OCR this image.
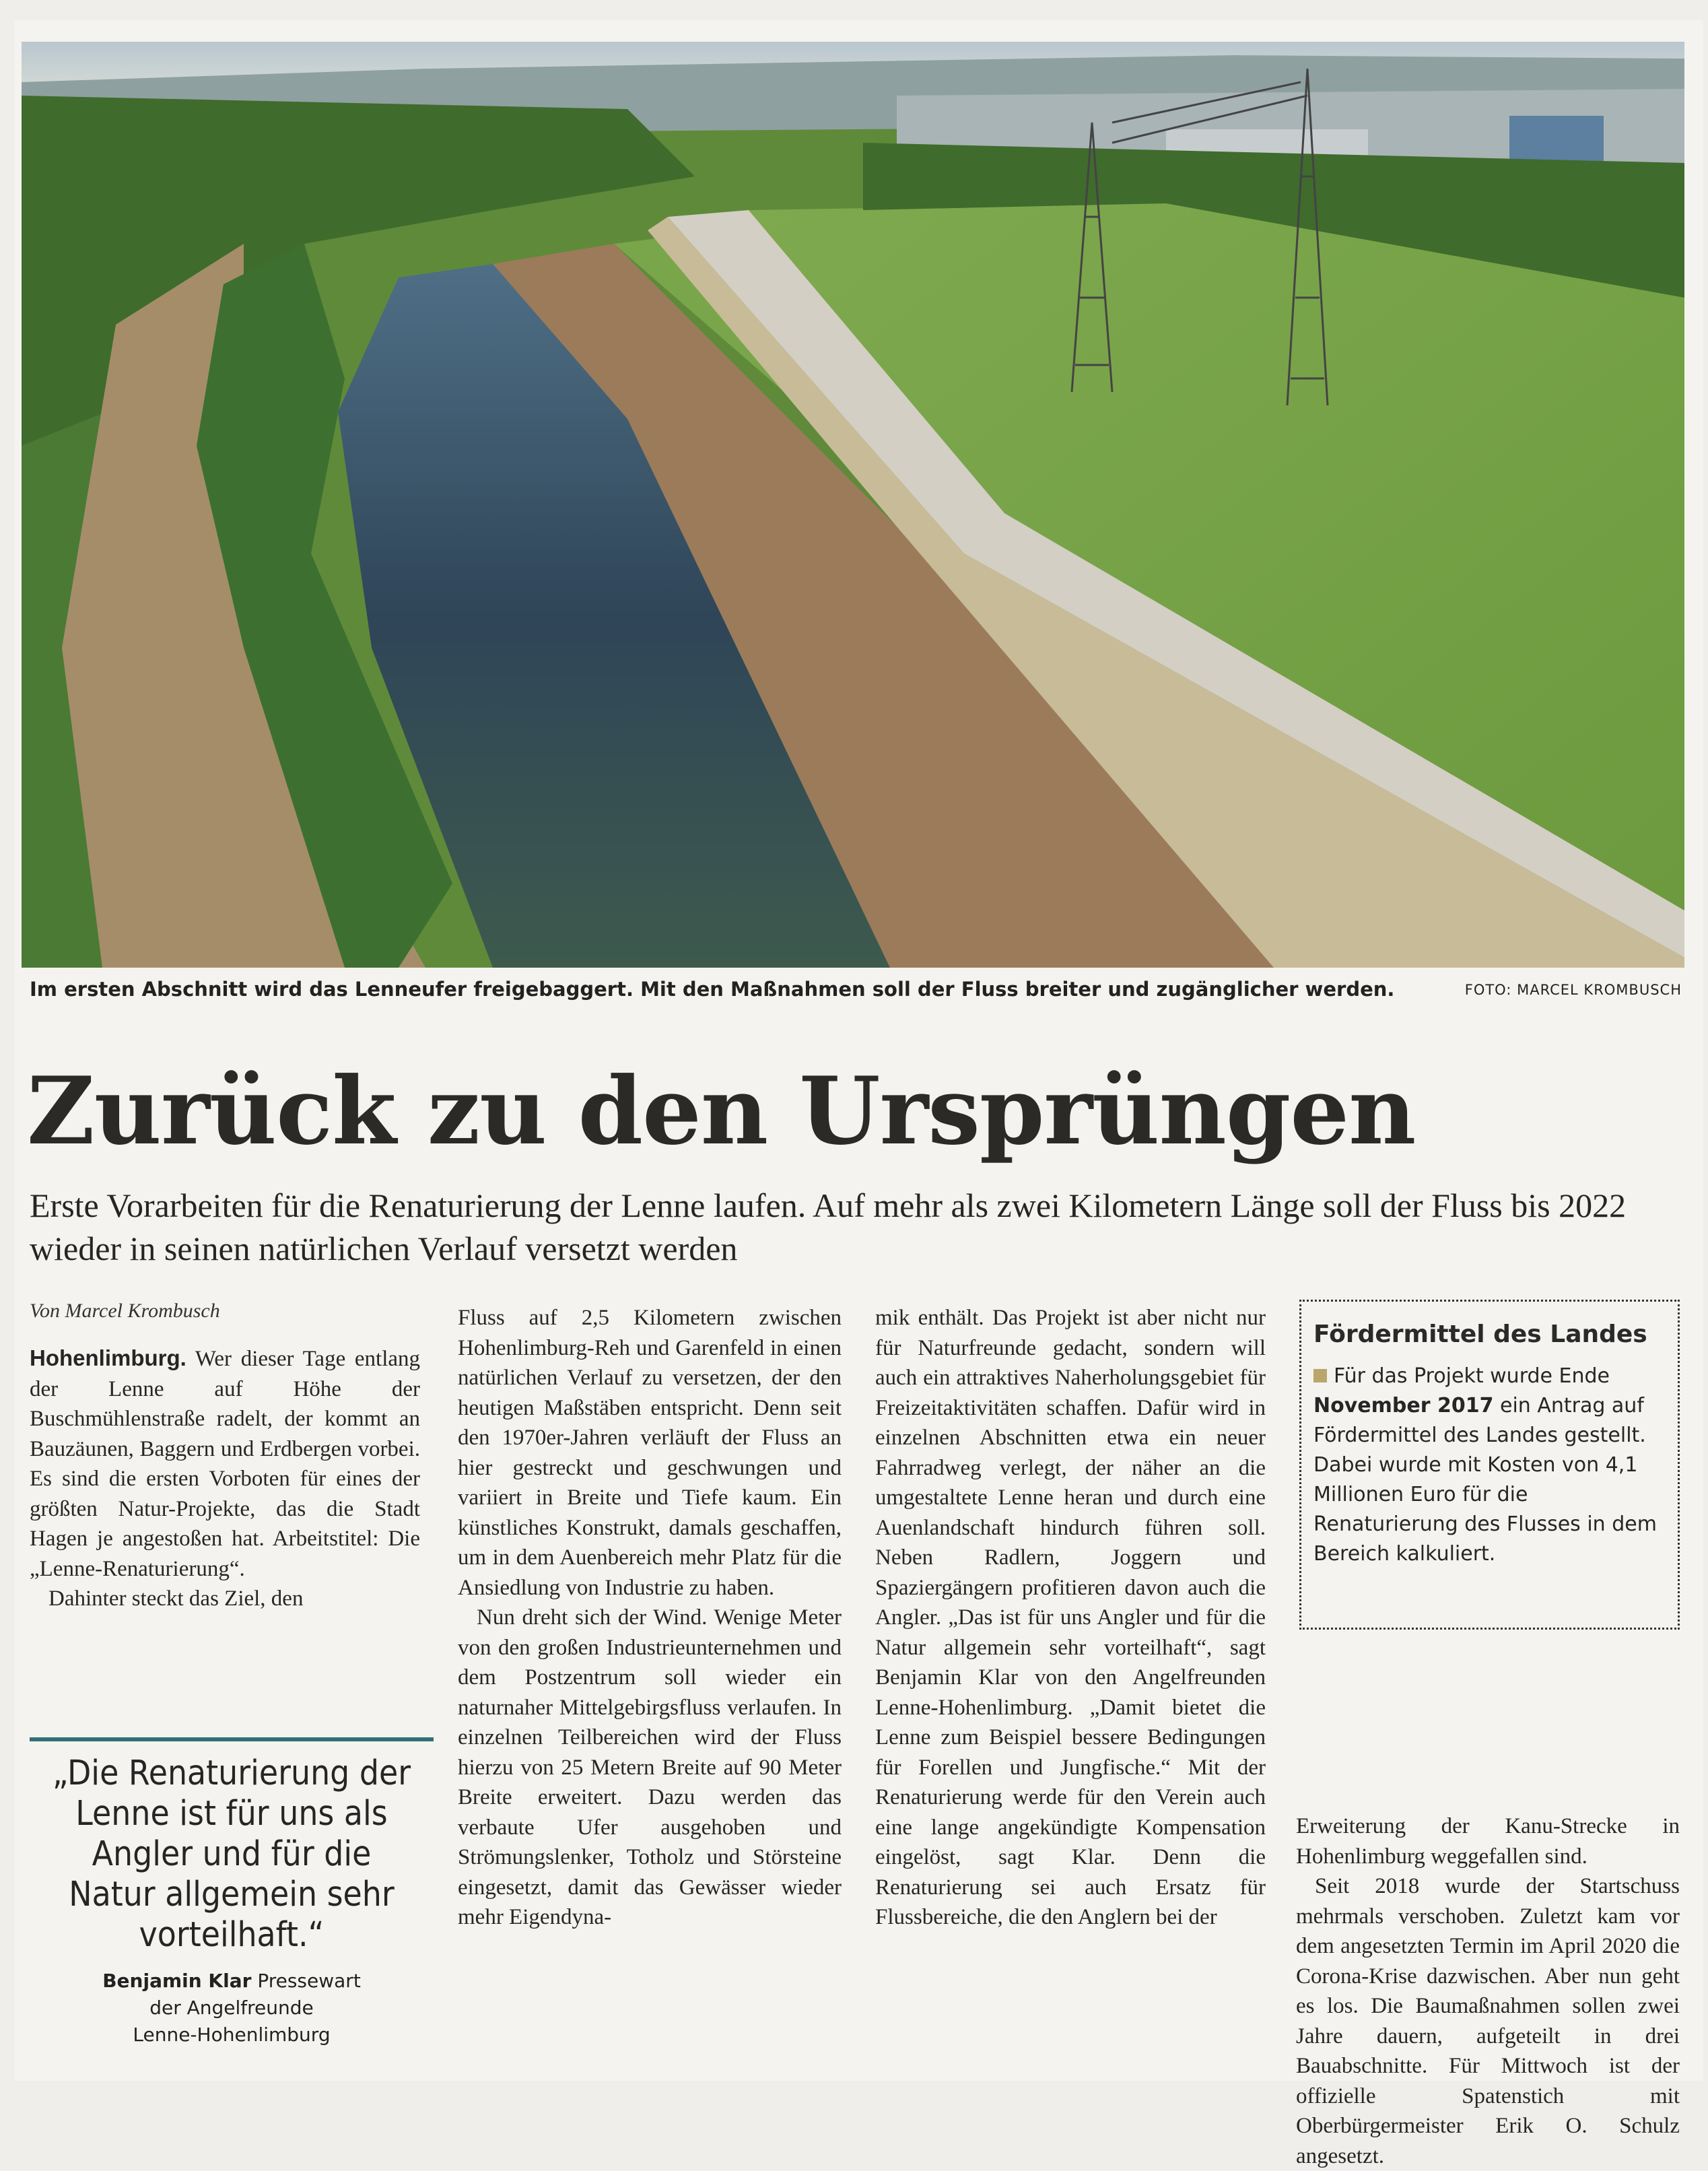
Im ersten Abschnitt wird das Lenneufer freigebaggert. Mit den Maßnahmen soll der Fluss breiter und zugänglicher werden.	FOTO: MARCEL KROMBUSCH
Zurück zu den Ursprüngen
Erste Vorarbeiten für die Renaturierung der Lenne laufen. Auf mehr als zwei Kilometern Länge soll der Fluss bis 2022 wieder in seinen natürlichen Verlauf versetzt werden
Von Marcel Krombusch

Hohenlimburg. Wer dieser Tage entlang der Lenne auf Höhe der Buschmühlenstraße radelt, der kommt an Bauzäunen, Baggern und Erdbergen vorbei. Es sind die ersten Vorboten für eines der größten Natur-Projekte, das die Stadt Hagen je angestoßen hat. Arbeitstitel: Die „Lenne-Renaturierung“.

Dahinter steckt das Ziel, den

„Die Renaturierung der Lenne ist für uns als Angler und für die Natur allgemein sehr vorteilhaft.“
Benjamin Klar Pressewart
der Angelfreunde
Lenne-Hohenlimburg

Fluss auf 2,5 Kilometern zwischen Hohenlimburg-Reh und Garenfeld in einen natürlichen Verlauf zu versetzen, der den heutigen Maßstäben entspricht. Denn seit den 1970er-Jahren verläuft der Fluss an hier gestreckt und geschwungen und variiert in Breite und Tiefe kaum. Ein künstliches Konstrukt, damals geschaffen, um in dem Auenbereich mehr Platz für die Ansiedlung von Industrie zu haben.

Nun dreht sich der Wind. Wenige Meter von den großen Industrieunternehmen und dem Postzentrum soll wieder ein naturnaher Mittelgebirgsfluss verlaufen. In einzelnen Teilbereichen wird der Fluss hierzu von 25 Metern Breite auf 90 Meter Breite erweitert. Dazu werden das verbaute Ufer ausgehoben und Strömungslenker, Totholz und Störsteine eingesetzt, damit das Gewässer wieder mehr Eigendyna-

mik enthält. Das Projekt ist aber nicht nur für Naturfreunde gedacht, sondern will auch ein attraktives Naherholungsgebiet für Freizeitaktivitäten schaffen. Dafür wird in einzelnen Abschnitten etwa ein neuer Fahrradweg verlegt, der näher an die umgestaltete Lenne heran und durch eine Auenlandschaft hindurch führen soll. Neben Radlern, Joggern und Spaziergängern profitieren davon auch die Angler. „Das ist für uns Angler und für die Natur allgemein sehr vorteilhaft“, sagt Benjamin Klar von den Angelfreunden Lenne-Hohenlimburg. „Damit bietet die Lenne zum Beispiel bessere Bedingungen für Forellen und Jungfische.“ Mit der Renaturierung werde für den Verein auch eine lange angekündigte Kompensation eingelöst, sagt Klar. Denn die Renaturierung sei auch Ersatz für Flussbereiche, die den Anglern bei der

Fördermittel des Landes
Für das Projekt wurde Ende November 2017 ein Antrag auf Fördermittel des Landes gestellt. Dabei wurde mit Kosten von 4,1 Millionen Euro für die Renaturierung des Flusses in dem Bereich kalkuliert.

Erweiterung der Kanu-Strecke in Hohenlimburg weggefallen sind.

Seit 2018 wurde der Startschuss mehrmals verschoben. Zuletzt kam vor dem angesetzten Termin im April 2020 die Corona-Krise dazwischen. Aber nun geht es los. Die Baumaßnahmen sollen zwei Jahre dauern, aufgeteilt in drei Bauabschnitte. Für Mittwoch ist der offizielle Spatenstich mit Oberbürgermeister Erik O. Schulz angesetzt.
